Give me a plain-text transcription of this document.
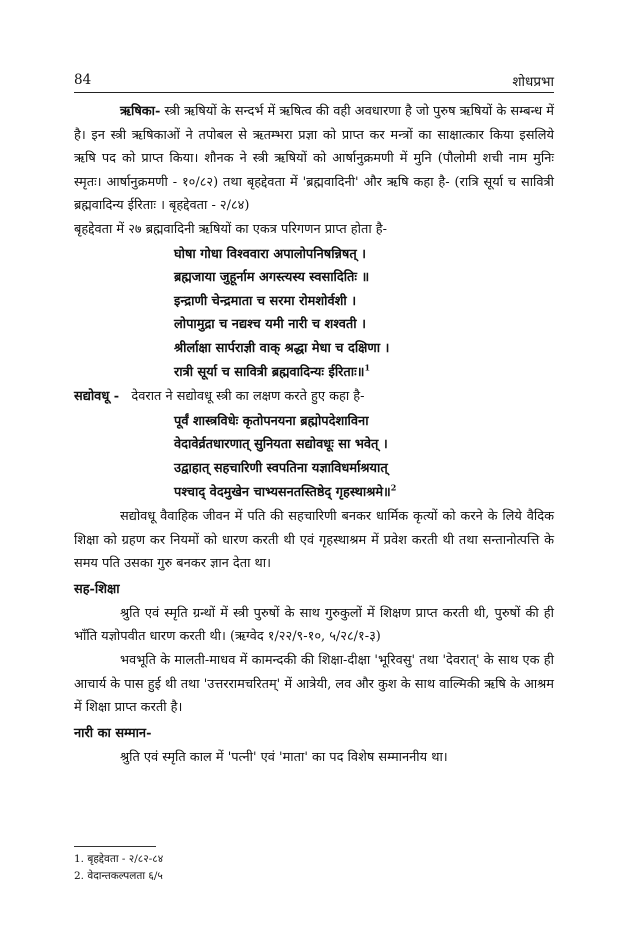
84	शोधप्रभा

ऋषिका- स्त्री ऋषियों के सन्दर्भ में ऋषित्व की वही अवधारणा है जो पुरुष ऋषियों के सम्बन्ध में है। इन स्त्री ऋषिकाओं ने तपोबल से ऋतम्भरा प्रज्ञा को प्राप्त कर मन्त्रों का साक्षात्कार किया इसलिये ऋषि पद को प्राप्त किया। शौनक ने स्त्री ऋषियों को आर्षानुक्रमणी में मुनि (पौलोमी शची नाम मुनिः स्मृतः। आर्षानुक्रमणी - १०/८२) तथा बृहद्देवता में 'ब्रह्मवादिनी' और ऋषि कहा है- (रात्रि सूर्या च सावित्री ब्रह्मवादिन्य ईरिताः । बृहद्देवता - २/८४)

बृहद्देवता में २७ ब्रह्मवादिनी ऋषियों का एकत्र परिगणन प्राप्त होता है-

घोषा गोधा विश्ववारा अपालोपनिषन्निषत् ।
ब्रह्मजाया जुहूर्नाम अगस्त्यस्य स्वसादितिः ॥
इन्द्राणी चेन्द्रमाता च सरमा रोमशोर्वशी ।
लोपामुद्रा च नद्यश्च यमी नारी च शश्वती ।
श्रीर्लाक्षा सार्पराज्ञी वाक् श्रद्धा मेधा च दक्षिणा ।
रात्री सूर्या च सावित्री ब्रह्मवादिन्यः ईरिताः॥$^1$
सद्योवधू - देवरात ने सद्योवधू स्त्री का लक्षण करते हुए कहा है-
पूर्वं शास्त्रविधेः कृतोपनयना ब्रह्मोपदेशाविना
वेदावेर्व्रतधारणात् सुनियता सद्योवधूः सा भवेत् ।
उद्वाहात् सहचारिणी स्वपतिना यज्ञाविधर्माश्रयात्
पश्चाद् वेदमुखेन चाभ्यसनतस्तिष्ठेद् गृहस्थाश्रमे॥$^2$

सद्योवधू वैवाहिक जीवन में पति की सहचारिणी बनकर धार्मिक कृत्यों को करने के लिये वैदिक शिक्षा को ग्रहण कर नियमों को धारण करती थी एवं गृहस्थाश्रम में प्रवेश करती थी तथा सन्तानोत्पत्ति के समय पति उसका गुरु बनकर ज्ञान देता था।

सह-शिक्षा

श्रुति एवं स्मृति ग्रन्थों में स्त्री पुरुषों के साथ गुरुकुलों में शिक्षण प्राप्त करती थी, पुरुषों की ही भाँति यज्ञोपवीत धारण करती थी। (ऋग्वेद १/२२/९-१०, ५/२८/१-३)

भवभूति के मालती-माधव में कामन्दकी की शिक्षा-दीक्षा 'भूरिवसु' तथा 'देवरात्' के साथ एक ही आचार्य के पास हुई थी तथा 'उत्तररामचरितम्' में आत्रेयी, लव और कुश के साथ वाल्मिकी ऋषि के आश्रम में शिक्षा प्राप्त करती है।

नारी का सम्मान-

श्रुति एवं स्मृति काल में 'पत्नी' एवं 'माता' का पद विशेष सम्माननीय था।

1. बृहद्देवता - २/८२-८४
2. वेदान्तकल्पलता ६/५
